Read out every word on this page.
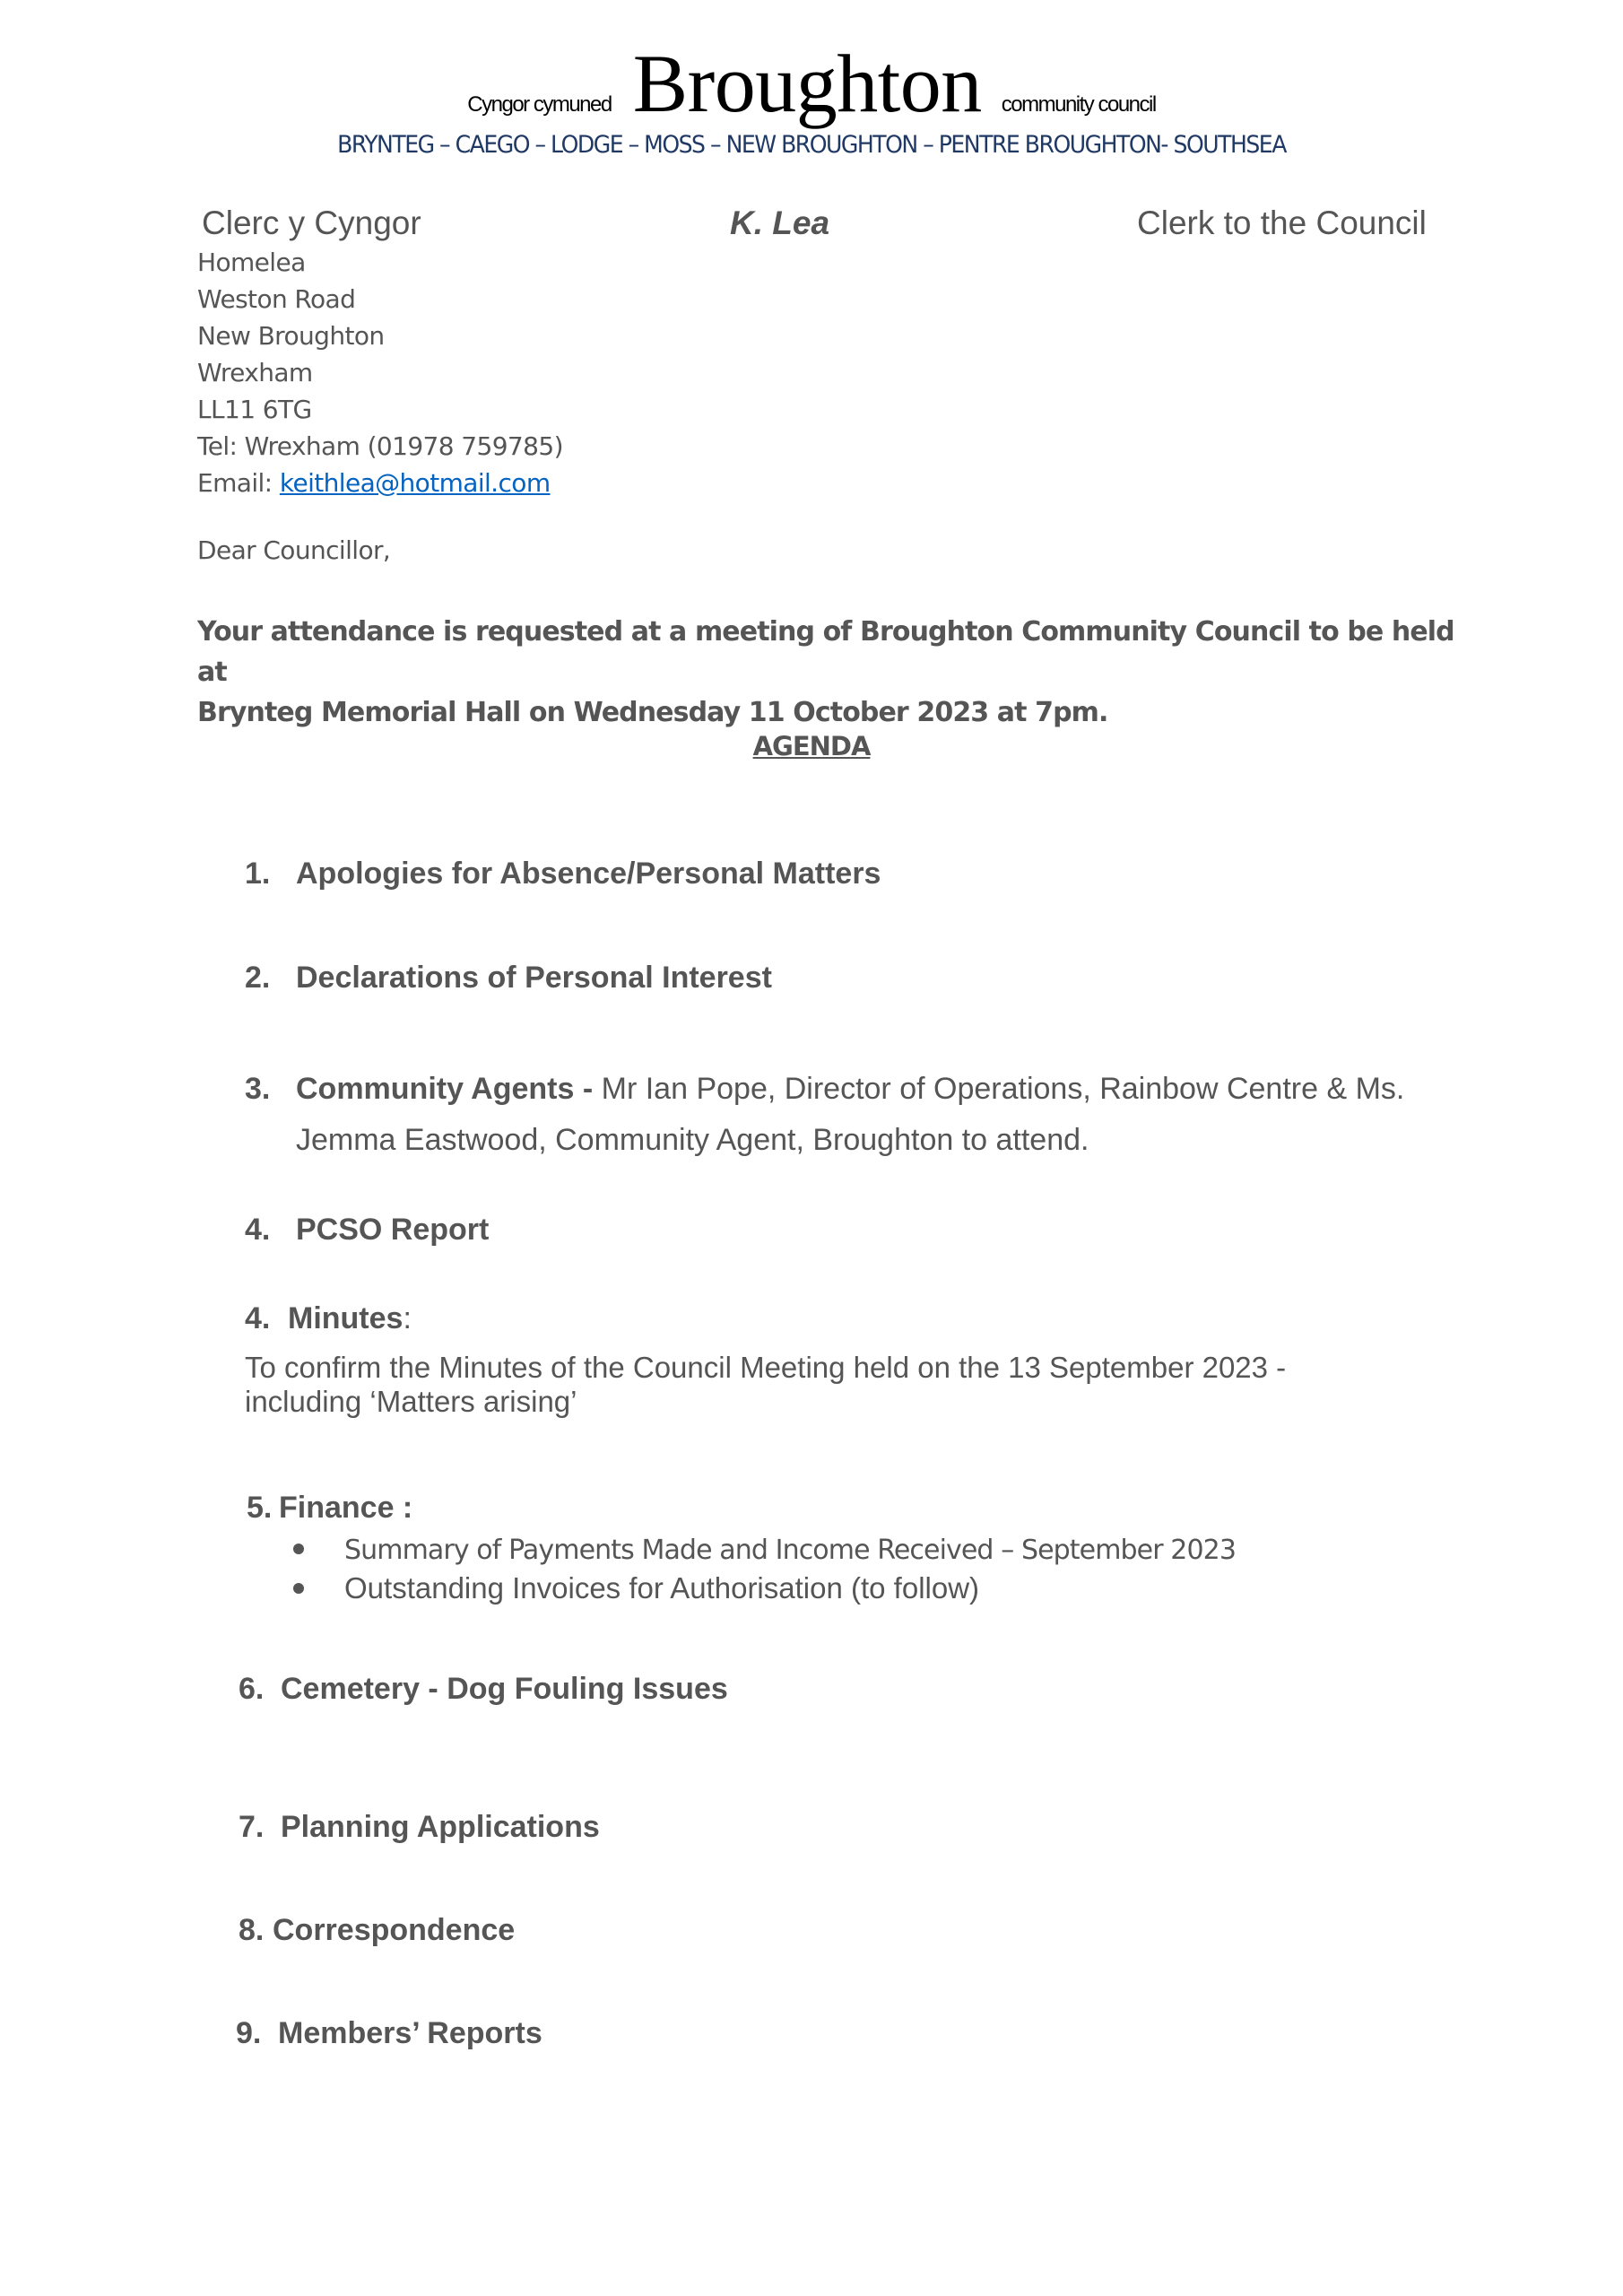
Cyngor cymuned Broughton community council
BRYNTEG – CAEGO – LODGE – MOSS – NEW BROUGHTON – PENTRE BROUGHTON- SOUTHSEA
Clerc y Cyngor	K. Lea	Clerk to the Council
Homelea
Weston Road
New Broughton
Wrexham
LL11 6TG
Tel: Wrexham (01978 759785)
Email: keithlea@hotmail.com
Dear Councillor,
Your attendance is requested at a meeting of Broughton Community Council to be held at
Brynteg Memorial Hall on Wednesday 11 October 2023 at 7pm.
AGENDA
1. Apologies for Absence/Personal Matters
2. Declarations of Personal Interest
3. Community Agents - Mr Ian Pope, Director of Operations, Rainbow Centre & Ms.
Jemma Eastwood, Community Agent, Broughton to attend.
4. PCSO Report
4. Minutes:
To confirm the Minutes of the Council Meeting held on the 13 September 2023 -
including ‘Matters arising’
5. Finance :
Summary of Payments Made and Income Received – September 2023
Outstanding Invoices for Authorisation (to follow)
6. Cemetery - Dog Fouling Issues
7. Planning Applications
8. Correspondence
9. Members’ Reports
